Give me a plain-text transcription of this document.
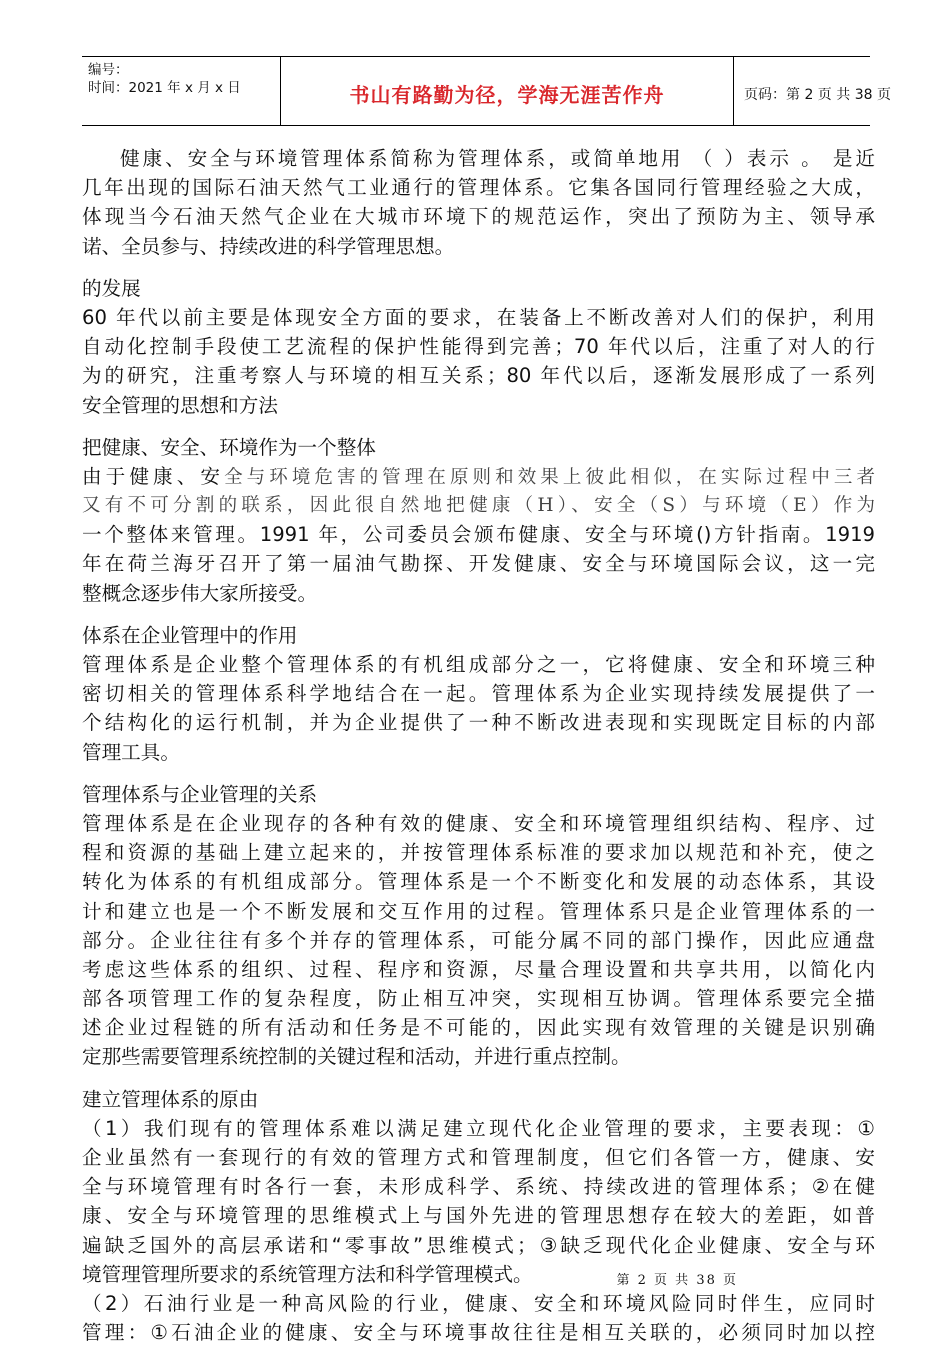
编号：
时间：2021 年 x 月 x 日	书山有路勤为径，学海无涯苦作舟	页码：第 2 页 共 38 页
健康、安全与环境管理体系简称为管理体系，或简单地用 （ ）表示 。 是近
几年出现的国际石油天然气工业通行的管理体系。它集各国同行管理经验之大成，
体现当今石油天然气企业在大城市环境下的规范运作，突出了预防为主、领导承
诺、全员参与、持续改进的科学管理思想。
的发展
60 年代以前主要是体现安全方面的要求，在装备上不断改善对人们的保护，利用
自动化控制手段使工艺流程的保护性能得到完善；70 年代以后，注重了对人的行
为的研究，注重考察人与环境的相互关系；80 年代以后，逐渐发展形成了一系列
安全管理的思想和方法
把健康、安全、环境作为一个整体
由于健康、安全与环境危害的管理在原则和效果上彼此相似，在实际过程中三者
又有不可分割的联系，因此很自然地把健康（H）、安全（S）与环境（E）作为
一个整体来管理。1991 年，公司委员会颁布健康、安全与环境()方针指南。1919
年在荷兰海牙召开了第一届油气勘探、开发健康、安全与环境国际会议，这一完
整概念逐步伟大家所接受。
体系在企业管理中的作用
管理体系是企业整个管理体系的有机组成部分之一，它将健康、安全和环境三种
密切相关的管理体系科学地结合在一起。管理体系为企业实现持续发展提供了一
个结构化的运行机制，并为企业提供了一种不断改进表现和实现既定目标的内部
管理工具。
管理体系与企业管理的关系
管理体系是在企业现存的各种有效的健康、安全和环境管理组织结构、程序、过
程和资源的基础上建立起来的，并按管理体系标准的要求加以规范和补充，使之
转化为体系的有机组成部分。管理体系是一个不断变化和发展的动态体系，其设
计和建立也是一个不断发展和交互作用的过程。管理体系只是企业管理体系的一
部分。企业往往有多个并存的管理体系，可能分属不同的部门操作，因此应通盘
考虑这些体系的组织、过程、程序和资源，尽量合理设置和共享共用，以简化内
部各项管理工作的复杂程度，防止相互冲突，实现相互协调。管理体系要完全描
述企业过程链的所有活动和任务是不可能的，因此实现有效管理的关键是识别确
定那些需要管理系统控制的关键过程和活动，并进行重点控制。
建立管理体系的原由
（1）我们现有的管理体系难以满足建立现代化企业管理的要求，主要表现：①
企业虽然有一套现行的有效的管理方式和管理制度，但它们各管一方，健康、安
全与环境管理有时各行一套，未形成科学、系统、持续改进的管理体系；②在健
康、安全与环境管理的思维模式上与国外先进的管理思想存在较大的差距，如普
遍缺乏国外的高层承诺和“零事故”思维模式；③缺乏现代化企业健康、安全与环
境管理管理所要求的系统管理方法和科学管理模式。
（2）石油行业是一种高风险的行业，健康、安全和环境风险同时伴生，应同时
管理：①石油企业的健康、安全与环境事故往往是相互关联的，必须同时加以控
第 2 页 共 38 页
